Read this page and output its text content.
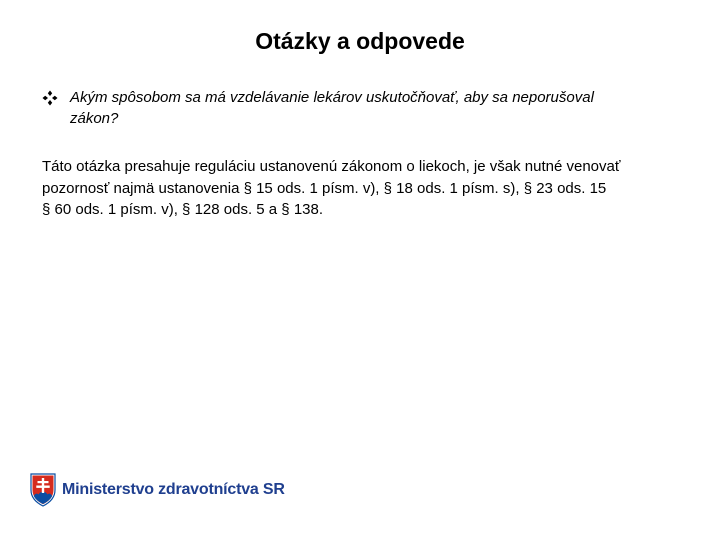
Otázky a odpovede
Akým spôsobom sa má vzdelávanie lekárov uskutočňovať, aby sa neporušoval
zákon?
Táto otázka presahuje reguláciu ustanovenú zákonom o liekoch, je však nutné venovať
pozornosť najmä ustanovenia § 15 ods. 1 písm. v), § 18 ods. 1 písm. s), § 23 ods. 15
§ 60 ods. 1 písm. v), § 128 ods. 5 a § 138.
Ministerstvo zdravotníctva SR
